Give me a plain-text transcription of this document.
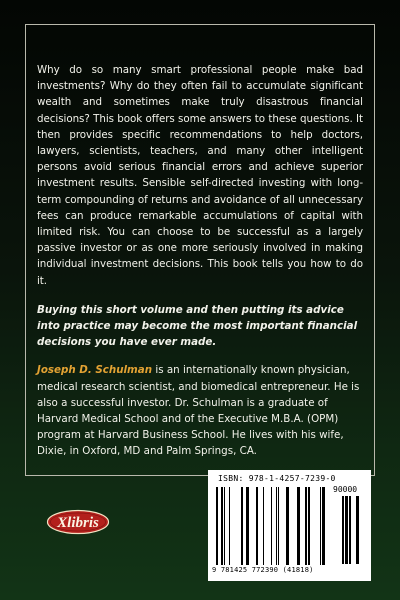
Why do so many smart professional people make bad investments? Why do they often fail to accumulate significant wealth and sometimes make truly disastrous financial decisions? This book offers some answers to these questions. It then provides specific recommendations to help doctors, lawyers, scientists, teachers, and many other intelligent persons avoid serious financial errors and achieve superior investment results. Sensible self-directed investing with long-term compounding of returns and avoidance of all unnecessary fees can produce remarkable accumulations of capital with limited risk. You can choose to be successful as a largely passive investor or as one more seriously involved in making individual investment decisions. This book tells you how to do it.

Buying this short volume and then putting its advice into practice may become the most important financial decisions you have ever made.

Joseph D. Schulman is an internationally known physician, medical research scientist, and biomedical entrepreneur. He is also a successful investor. Dr. Schulman is a graduate of Harvard Medical School and of the Executive M.B.A. (OPM) program at Harvard Business School. He lives with his wife, Dixie, in Oxford, MD and Palm Springs, CA.

Xlibris
ISBN: 978-1-4257-7239-0
90000
9 781425 772390 (41818)
